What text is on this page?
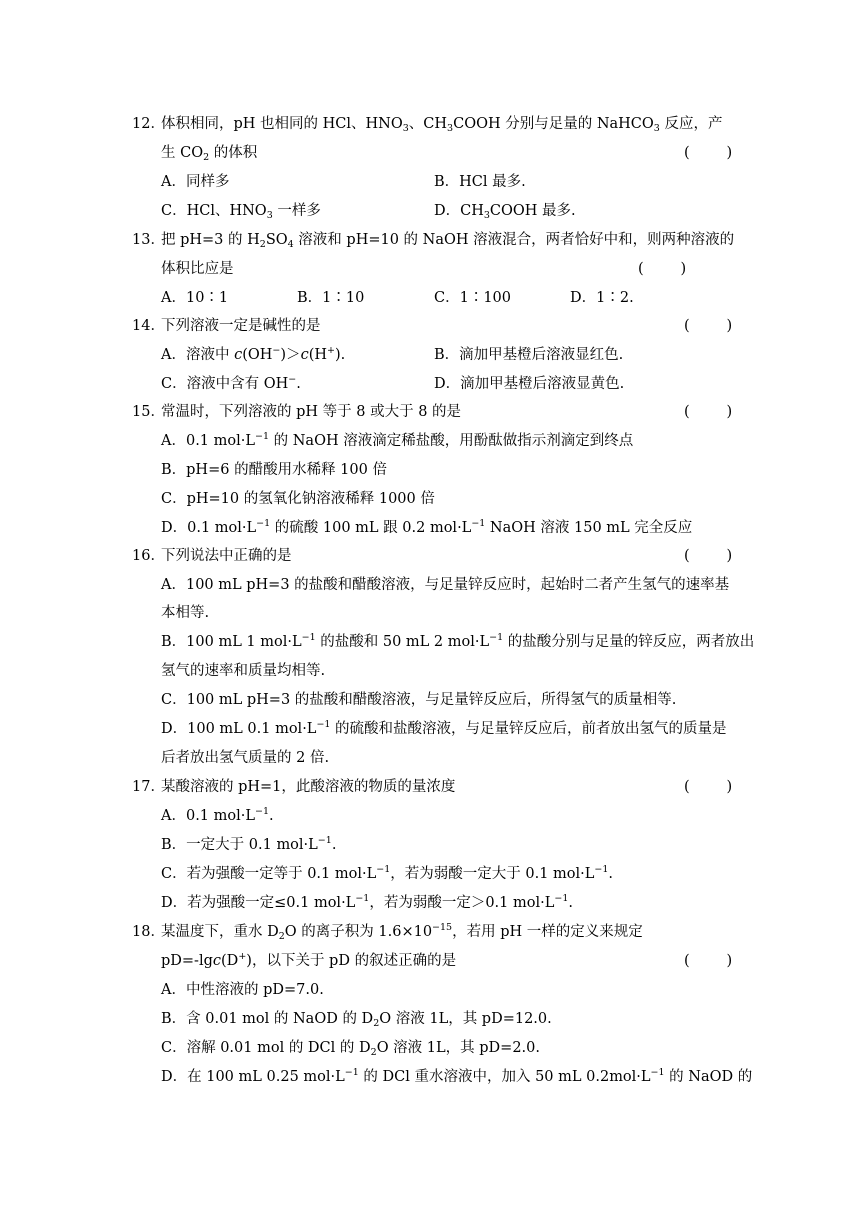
12．体积相同，pH 也相同的 HCl、$HNO_3$、$CH_3COOH$ 分别与足量的 NaHCO$_3$ 反应，产
生 $CO_2$ 的体积	(        )
A．同样多	B．HCl 最多.
C．HCl、$HNO_3$ 一样多	D．$CH_3COOH$ 最多.
13．把 pH=3 的 $H_2SO_4$ 溶液和 pH=10 的 NaOH 溶液混合，两者恰好中和，则两种溶液的
体积比应是	(        )
A．10∶1	B．1∶10	C．1∶100	D．1∶2.
14．下列溶液一定是碱性的是	(        )
A．溶液中 c(OH−)＞c(H+).	B．滴加甲基橙后溶液显红色.
C．溶液中含有 OH−.	D．滴加甲基橙后溶液显黄色.
15．常温时，下列溶液的 pH 等于 8 或大于 8 的是	(        )
A．0.1 $mol\cdot L^{-1}$ 的 NaOH 溶液滴定稀盐酸，用酚酞做指示剂滴定到终点
B．pH=6 的醋酸用水稀释 100 倍
C．pH=10 的氢氧化钠溶液稀释 1000 倍
D．0.1 $mol\cdot L^{-1}$ 的硫酸 100 mL 跟 0.2 $mol\cdot L^{-1}$ NaOH 溶液 150 mL 完全反应
16．下列说法中正确的是	(        )
A．100 mL pH=3 的盐酸和醋酸溶液，与足量锌反应时，起始时二者产生氢气的速率基
本相等.
B．100 mL 1 $mol\cdot L^{-1}$ 的盐酸和 50 mL 2 $mol\cdot L^{-1}$ 的盐酸分别与足量的锌反应，两者放出
氢气的速率和质量均相等.
C．100 mL pH=3 的盐酸和醋酸溶液，与足量锌反应后，所得氢气的质量相等.
D．100 mL 0.1 $mol\cdot L^{-1}$ 的硫酸和盐酸溶液，与足量锌反应后，前者放出氢气的质量是
后者放出氢气质量的 2 倍.
17．某酸溶液的 pH=1，此酸溶液的物质的量浓度	(        )
A．0.1 $mol\cdot L^{-1}$.
B．一定大于 0.1 $mol\cdot L^{-1}$.
C．若为强酸一定等于 0.1 $mol\cdot L^{-1}$，若为弱酸一定大于 0.1 $mol\cdot L^{-1}$.
D．若为强酸一定≤0.1 $mol\cdot L^{-1}$，若为弱酸一定＞0.1 $mol\cdot L^{-1}$.
18．某温度下，重水 $D_2O$ 的离子积为 $1.6\times 10^{-15}$，若用 pH 一样的定义来规定
pD=-lgc(D+)，以下关于 pD 的叙述正确的是	(        )
A．中性溶液的 pD=7.0.
B．含 0.01 mol 的 NaOD 的 $D_2O$ 溶液 1L，其 pD=12.0.
C．溶解 0.01 mol 的 DCl 的 $D_2O$ 溶液 1L，其 pD=2.0.
D．在 100 mL 0.25 $mol\cdot L^{-1}$ 的 DCl 重水溶液中，加入 50 mL $0.2mol\cdot L^{-1}$ 的 NaOD 的
